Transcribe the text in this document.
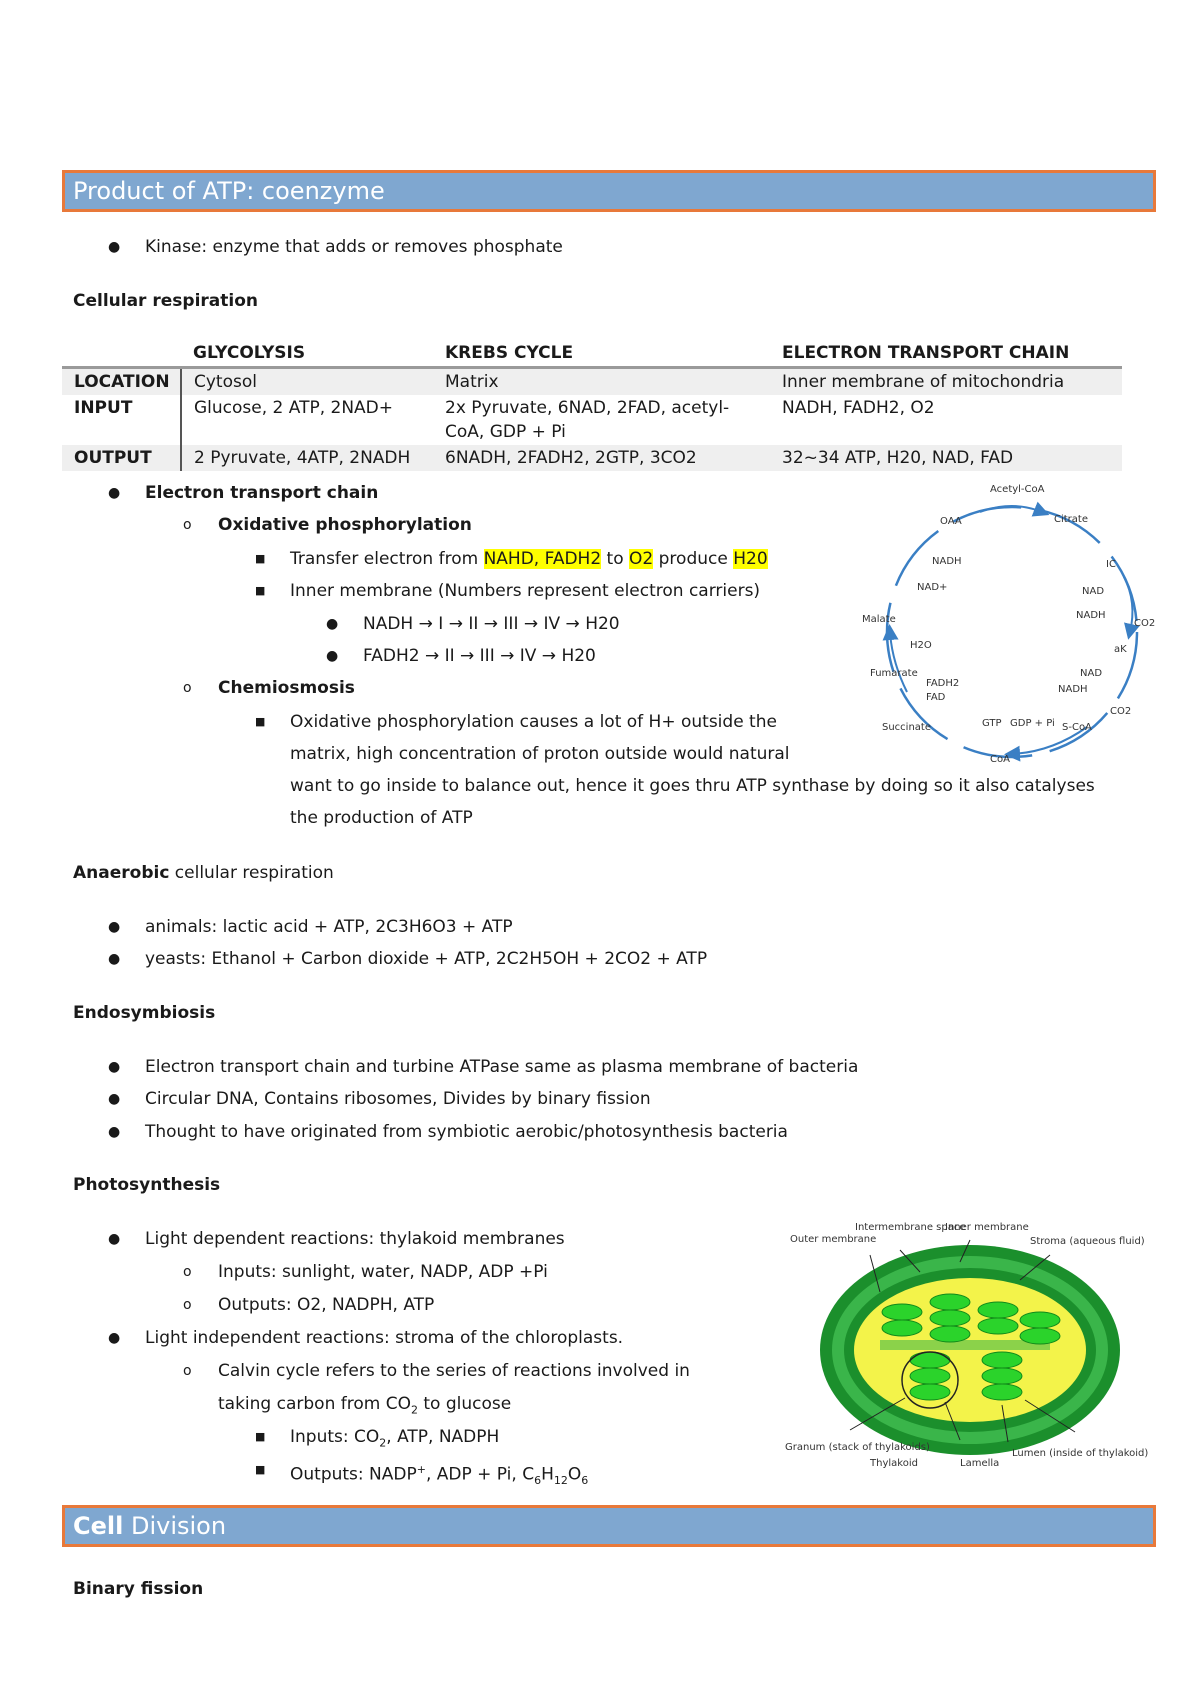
Product of ATP: coenzyme
● Kinase: enzyme that adds or removes phosphate
Cellular respiration
	GLYCOLYSIS	KREBS CYCLE	ELECTRON TRANSPORT CHAIN
LOCATION	Cytosol	Matrix	Inner membrane of mitochondria
INPUT	Glucose, 2 ATP, 2NAD+	2x Pyruvate, 6NAD, 2FAD, acetyl-CoA, GDP + Pi	NADH, FADH2, O2
OUTPUT	2 Pyruvate, 4ATP, 2NADH	6NADH, 2FADH2, 2GTP, 3CO2	32~34 ATP, H20, NAD, FAD
● Electron transport chain
o Oxidative phosphorylation
■ Transfer electron from NAHD, FADH2 to O2 produce H20
■ Inner membrane (Numbers represent electron carriers)
● NADH → I → II → III → IV → H20
● FADH2 → II → III → IV → H20
o Chemiosmosis
■ Oxidative phosphorylation causes a lot of H+ outside the
matrix, high concentration of proton outside would natural
want to go inside to balance out, hence it goes thru ATP synthase by doing so it also catalyses
the production of ATP
Acetyl-CoA
OAA	Citrate
NADH
NAD+
IC
NAD
NADH
CO2
Malate
H2O	aK
Fumarate
FADH2
FAD
NAD
NADH
CO2
Succinate	GTP GDP + Pi S-CoA
CoA
Anaerobic cellular respiration
● animals: lactic acid + ATP, 2C3H6O3 + ATP
● yeasts: Ethanol + Carbon dioxide + ATP, 2C2H5OH + 2CO2 + ATP
Endosymbiosis
● Electron transport chain and turbine ATPase same as plasma membrane of bacteria
● Circular DNA, Contains ribosomes, Divides by binary fission
● Thought to have originated from symbiotic aerobic/photosynthesis bacteria
Photosynthesis
● Light dependent reactions: thylakoid membranes
o Inputs: sunlight, water, NADP, ADP +Pi
o Outputs: O2, NADPH, ATP
● Light independent reactions: stroma of the chloroplasts.
o Calvin cycle refers to the series of reactions involved in
taking carbon from $CO_2$ to glucose
■ Inputs: $CO_2$, ATP, NADPH
■ Outputs: NADP+, ADP + Pi, $C_6H_{12}O_6$
Intermembrane space
Inner membrane
Outer membrane	Stroma (aqueous fluid)
Granum (stack of thylakoids)
Thylakoid	Lamella
Lumen (inside of thylakoid)
Cell Division
Binary fission
